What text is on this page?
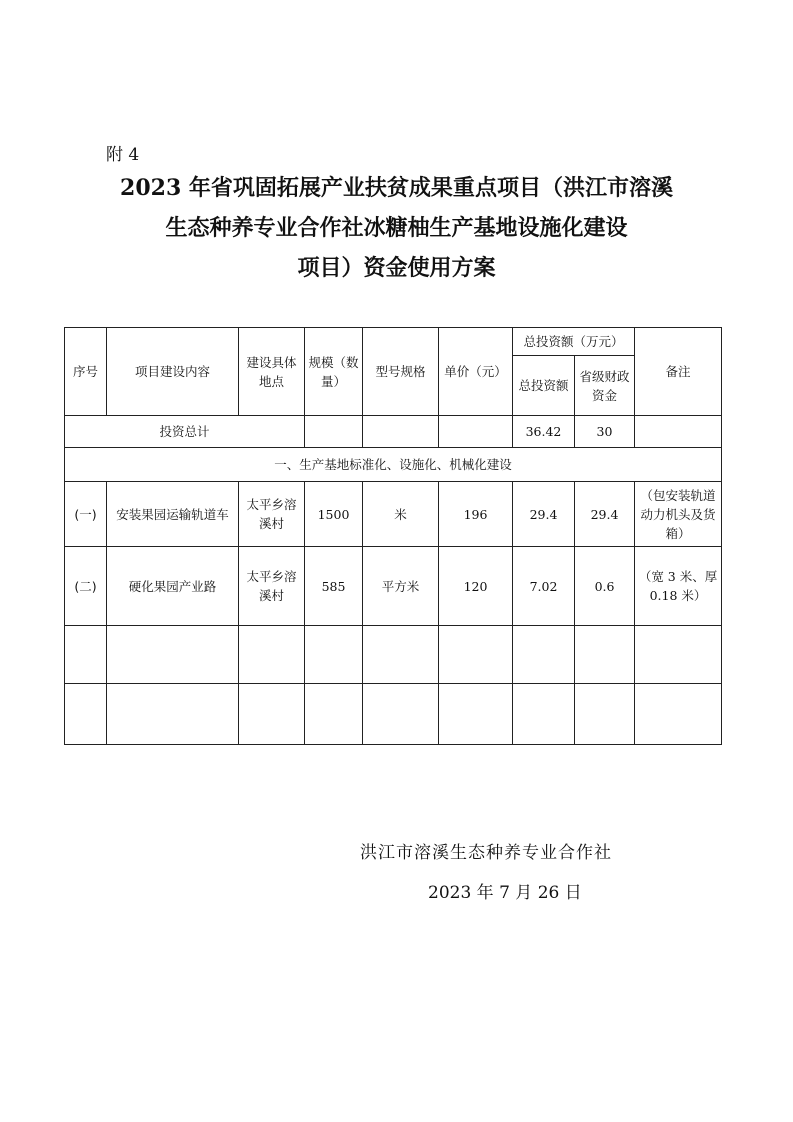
附 4
2023 年省巩固拓展产业扶贫成果重点项目（洪江市溶溪
生态种养专业合作社冰糖柚生产基地设施化建设
项目）资金使用方案
序号	项目建设内容	建设具体地点	规模（数量）	型号规格	单价（元）	总投资额（万元）		备注
						总投资额	省级财政资金	
投资总计						36.42	30	
一、生产基地标准化、设施化、机械化建设								
(一)	安装果园运输轨道车	太平乡溶溪村	1500	米	196	29.4	29.4	（包安装轨道动力机头及货箱）
(二)	硬化果园产业路	太平乡溶溪村	585	平方米	120	7.02	0.6	（宽 3 米、厚 0.18 米）

洪江市溶溪生态种养专业合作社
2023 年 7 月 26 日
